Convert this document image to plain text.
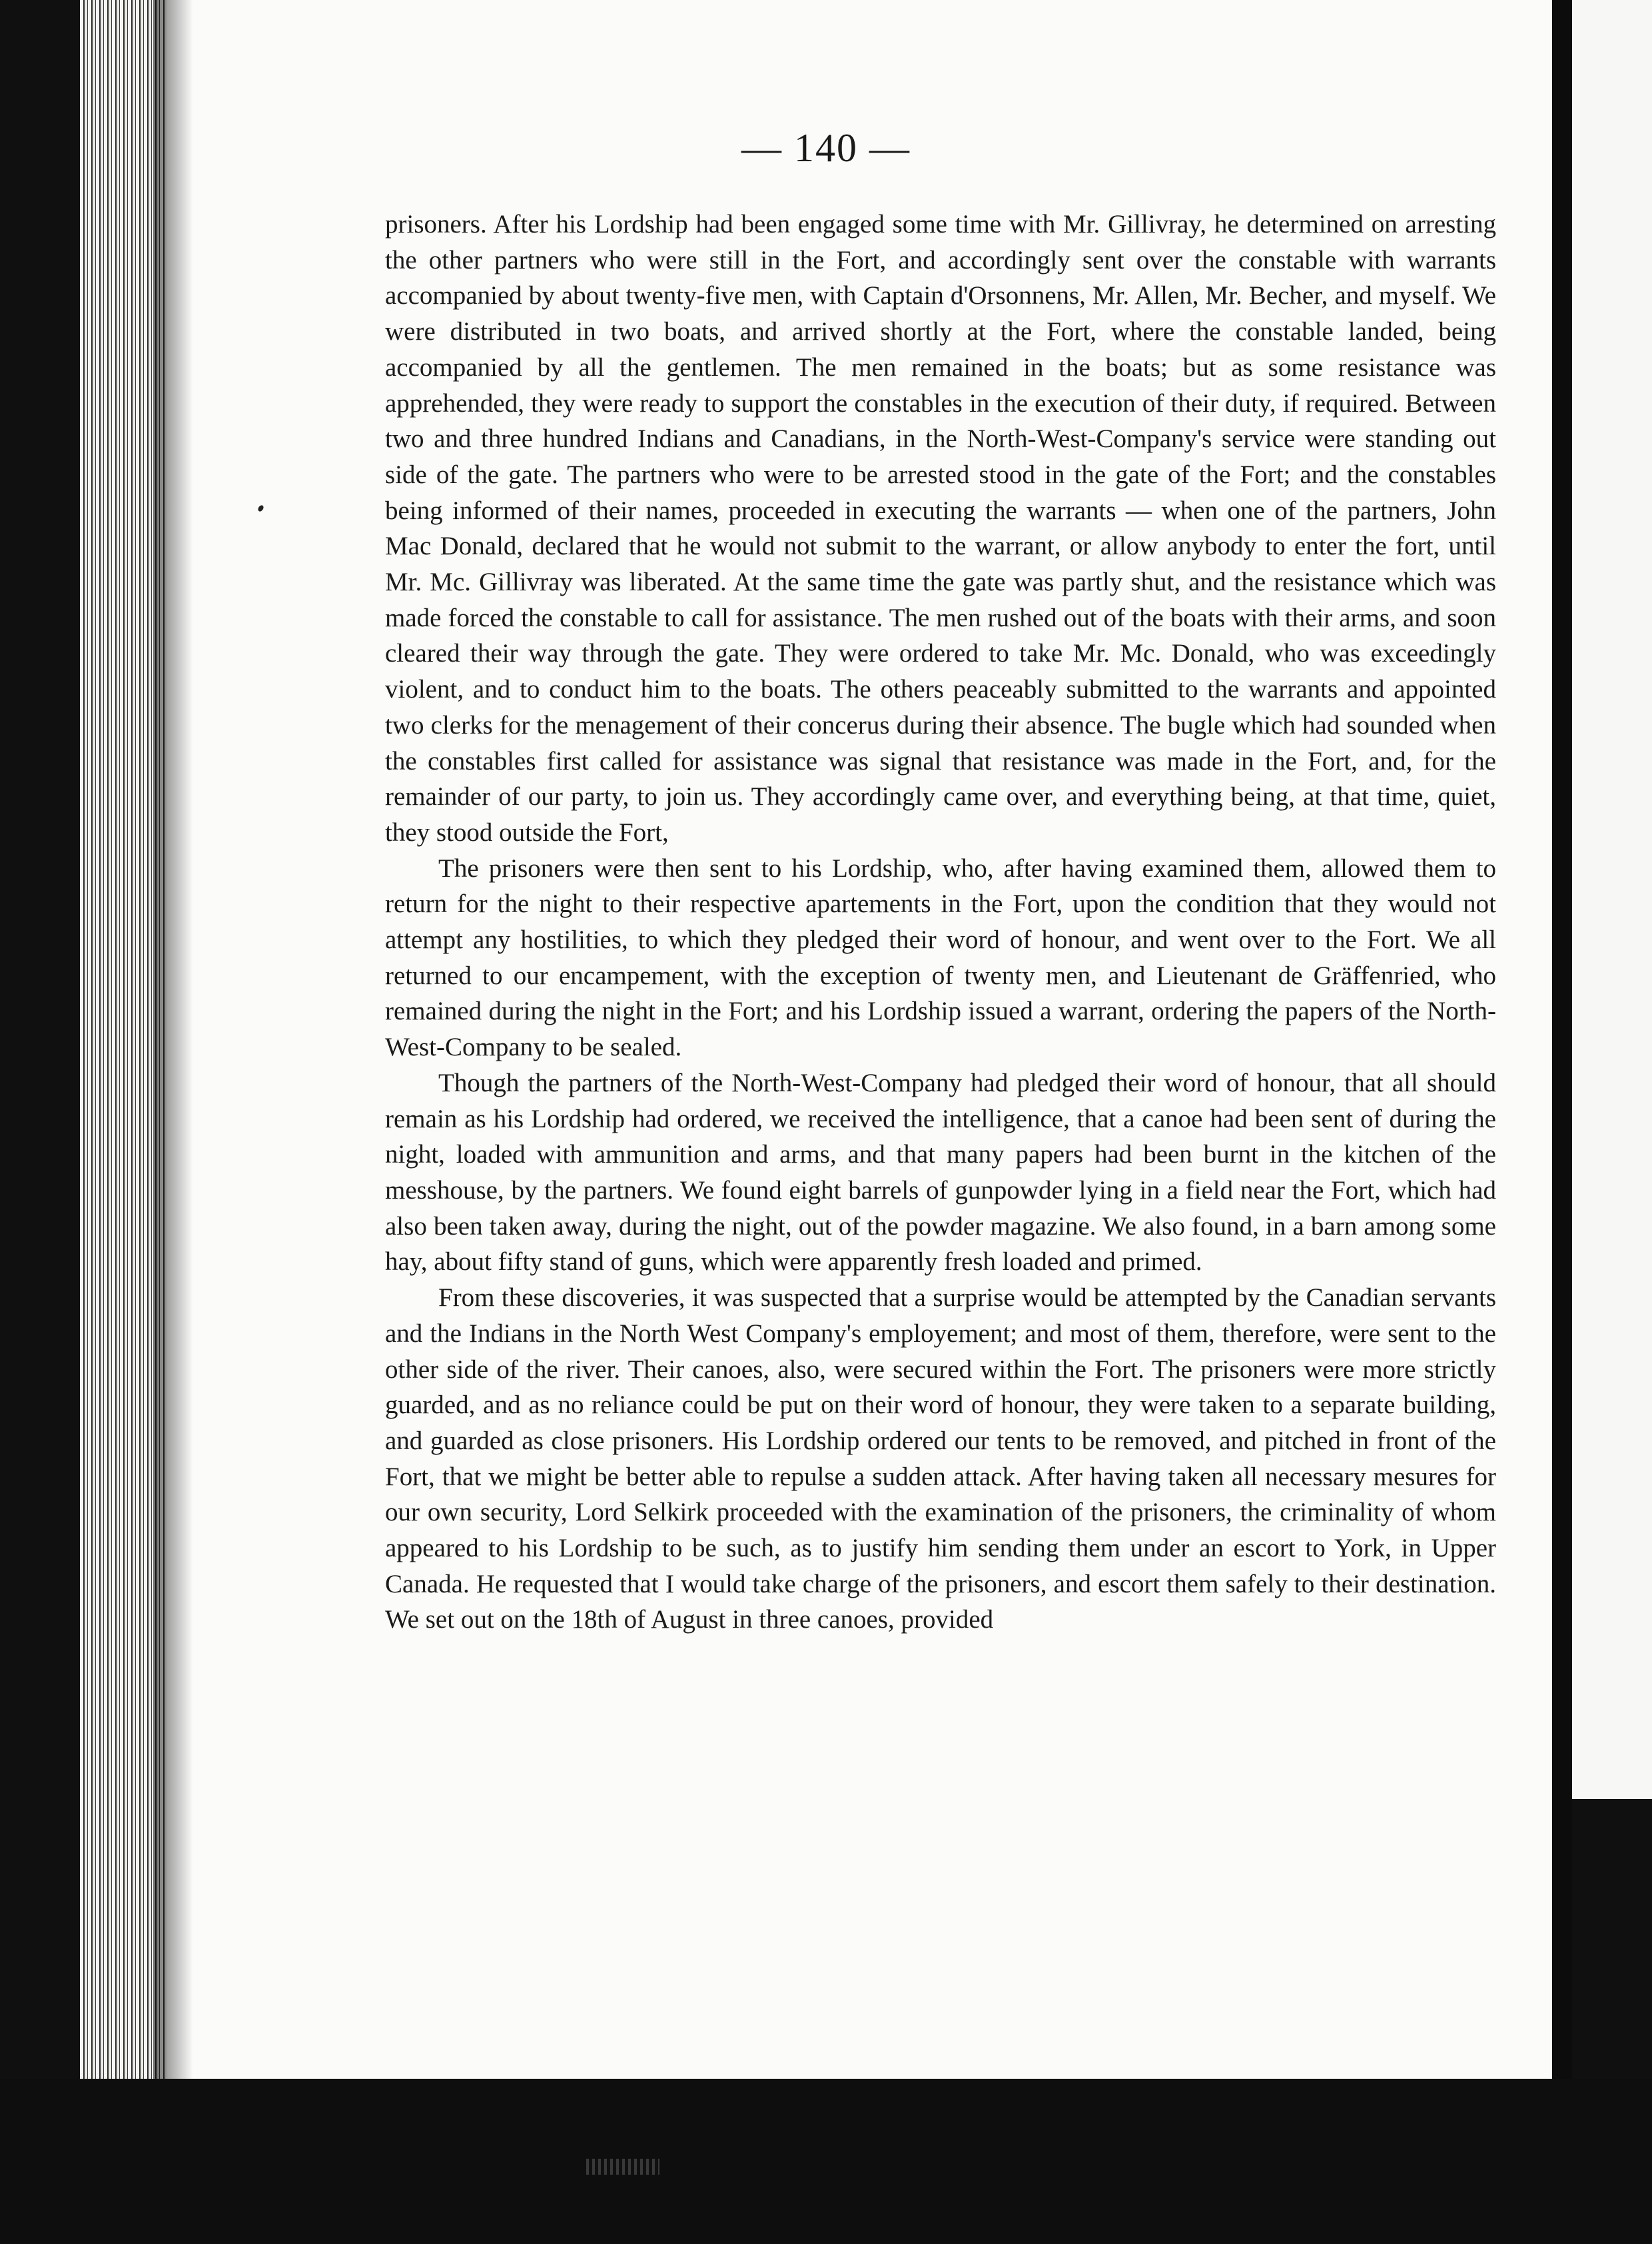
— 140 —

prisoners. After his Lordship had been engaged some time with Mr. Gillivray, he determined on arresting the other partners who were still in the Fort, and accordingly sent over the constable with warrants accompanied by about twenty-five men, with Captain d'Orsonnens, Mr. Allen, Mr. Becher, and myself. We were distributed in two boats, and arrived shortly at the Fort, where the constable landed, being accompanied by all the gentlemen. The men remained in the boats; but as some resistance was apprehended, they were ready to support the constables in the execution of their duty, if required. Between two and three hundred Indians and Canadians, in the North-West-Company's service were standing out side of the gate. The partners who were to be arrested stood in the gate of the Fort; and the constables being informed of their names, proceeded in executing the warrants — when one of the partners, John Mac Donald, declared that he would not submit to the warrant, or allow anybody to enter the fort, until Mr. Mc. Gillivray was liberated. At the same time the gate was partly shut, and the resistance which was made forced the constable to call for assistance. The men rushed out of the boats with their arms, and soon cleared their way through the gate. They were ordered to take Mr. Mc. Donald, who was exceedingly violent, and to conduct him to the boats. The others peaceably submitted to the warrants and appointed two clerks for the menagement of their concerus during their absence. The bugle which had sounded when the constables first called for assistance was signal that resistance was made in the Fort, and, for the remainder of our party, to join us. They accordingly came over, and everything being, at that time, quiet, they stood outside the Fort,

The prisoners were then sent to his Lordship, who, after having examined them, allowed them to return for the night to their respective apartements in the Fort, upon the condition that they would not attempt any hostilities, to which they pledged their word of honour, and went over to the Fort. We all returned to our encampement, with the exception of twenty men, and Lieutenant de Gräffenried, who remained during the night in the Fort; and his Lordship issued a warrant, ordering the papers of the North-West-Company to be sealed.

Though the partners of the North-West-Company had pledged their word of honour, that all should remain as his Lordship had ordered, we received the intelligence, that a canoe had been sent of during the night, loaded with ammunition and arms, and that many papers had been burnt in the kitchen of the messhouse, by the partners. We found eight barrels of gunpowder lying in a field near the Fort, which had also been taken away, during the night, out of the powder magazine. We also found, in a barn among some hay, about fifty stand of guns, which were apparently fresh loaded and primed.

From these discoveries, it was suspected that a surprise would be attempted by the Canadian servants and the Indians in the North West Company's employement; and most of them, therefore, were sent to the other side of the river. Their canoes, also, were secured within the Fort. The prisoners were more strictly guarded, and as no reliance could be put on their word of honour, they were taken to a separate building, and guarded as close prisoners. His Lordship ordered our tents to be removed, and pitched in front of the Fort, that we might be better able to repulse a sudden attack. After having taken all necessary mesures for our own security, Lord Selkirk proceeded with the examination of the prisoners, the criminality of whom appeared to his Lordship to be such, as to justify him sending them under an escort to York, in Upper Canada. He requested that I would take charge of the prisoners, and escort them safely to their destination. We set out on the 18th of August in three canoes, provided
